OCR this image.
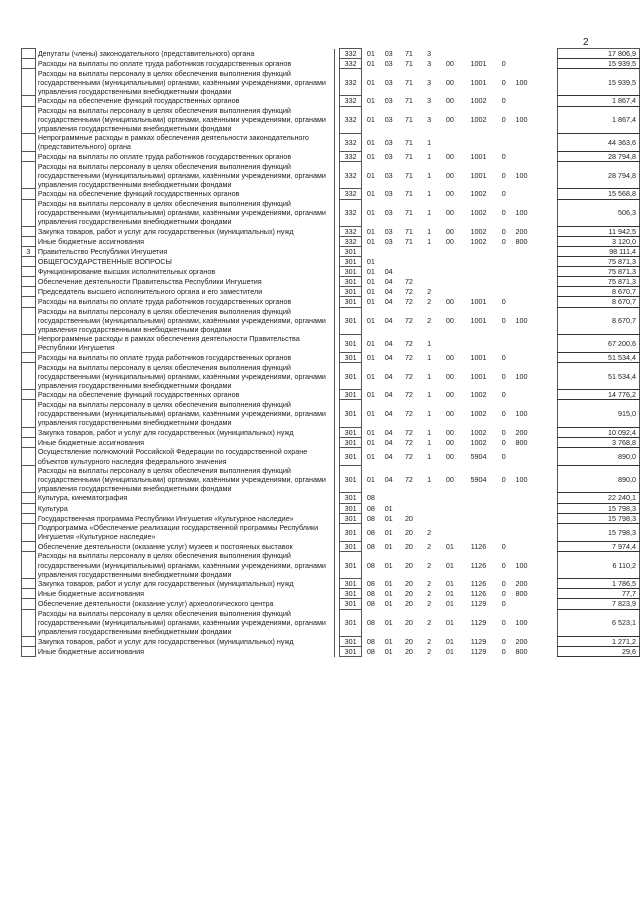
2
	Депутаты (члены) законодательного (представительного) органа		332	01	03	71	3						17 806,9
	Расходы на выплаты по оплате труда работников государственных органов		332	01	03	71	3	00	1001	0			15 939,5
	Расходы на выплаты персоналу в целях обеспечения выполнения функций государственными (муниципальными) органами, казёнными учреждениями, органами управления государственными внебюджетными фондами		332	01	03	71	3	00	1001	0	100		15 939,5
	Расходы на обеспечение функций государственных органов		332	01	03	71	3	00	1002	0			1 867,4
	Расходы на выплаты персоналу в целях обеспечения выполнения функций государственными (муниципальными) органами, казёнными учреждениями, органами управления государственными внебюджетными фондами		332	01	03	71	3	00	1002	0	100		1 867,4
	Непрограммные расходы в рамках обеспечения деятельности законодательного (представительного) органа		332	01	03	71	1						44 363,6
	Расходы на выплаты по оплате труда работников государственных органов		332	01	03	71	1	00	1001	0			28 794,8
	Расходы на выплаты персоналу в целях обеспечения выполнения функций государственными (муниципальными) органами, казёнными учреждениями, органами управления государственными внебюджетными фондами		332	01	03	71	1	00	1001	0	100		28 794,8
	Расходы на обеспечение функций государственных органов		332	01	03	71	1	00	1002	0			15 568,8
	Расходы на выплаты персоналу в целях обеспечения выполнения функций государственными (муниципальными) органами, казёнными учреждениями, органами управления государственными внебюджетными фондами		332	01	03	71	1	00	1002	0	100		506,3
	Закупка товаров, работ и услуг для государственных (муниципальных) нужд		332	01	03	71	1	00	1002	0	200		11 942,5
	Иные бюджетные ассигнования		332	01	03	71	1	00	1002	0	800		3 120,0
3	Правительство Республики Ингушетия		301										98 111,4
	ОБЩЕГОСУДАРСТВЕННЫЕ ВОПРОСЫ		301	01									75 871,3
	Функционирование высших исполнительных органов		301	01	04								75 871,3
	Обеспечение деятельности Правительства Республики Ингушетия		301	01	04	72							75 871,3
	Председатель высшего исполнительного органа и его заместители		301	01	04	72	2						8 670,7
	Расходы на выплаты по оплате труда работников государственных органов		301	01	04	72	2	00	1001	0			8 670,7
	Расходы на выплаты персоналу в целях обеспечения выполнения функций государственными (муниципальными) органами, казёнными учреждениями, органами управления государственными внебюджетными фондами		301	01	04	72	2	00	1001	0	100		8 670,7
	Непрограммные расходы в рамках обеспечения деятельности Правительства Республики Ингушетия		301	01	04	72	1						67 200,6
	Расходы на выплаты по оплате труда работников государственных органов		301	01	04	72	1	00	1001	0			51 534,4
	Расходы на выплаты персоналу в целях обеспечения выполнения функций государственными (муниципальными) органами, казёнными учреждениями, органами управления государственными внебюджетными фондами		301	01	04	72	1	00	1001	0	100		51 534,4
	Расходы на обеспечение функций государственных органов		301	01	04	72	1	00	1002	0			14 776,2
	Расходы на выплаты персоналу в целях обеспечения выполнения функций государственными (муниципальными) органами, казёнными учреждениями, органами управления государственными внебюджетными фондами		301	01	04	72	1	00	1002	0	100		915,0
	Закупка товаров, работ и услуг для государственных (муниципальных) нужд		301	01	04	72	1	00	1002	0	200		10 092,4
	Иные бюджетные ассигнования		301	01	04	72	1	00	1002	0	800		3 768,8
	Осуществление полномочий Российской Федерации по государственной охране объектов культурного наследия федерального значения		301	01	04	72	1	00	5904	0			890,0
	Расходы на выплаты персоналу в целях обеспечения выполнения функций государственными (муниципальными) органами, казёнными учреждениями, органами управления государственными внебюджетными фондами		301	01	04	72	1	00	5904	0	100		890,0
	Культура, кинематография		301	08									22 240,1
	Культура		301	08	01								15 798,3
	Государственная программа Республики Ингушетия «Культурное наследие»		301	08	01	20							15 798,3
	Подпрограмма «Обеспечение реализации государственной программы Республики Ингушетия «Культурное наследие»		301	08	01	20	2						15 798,3
	Обеспечение деятельности (оказание услуг) музеев и постоянных выставок		301	08	01	20	2	01	1126	0			7 974,4
	Расходы на выплаты персоналу в целях обеспечения выполнения функций государственными (муниципальными) органами, казёнными учреждениями, органами управления государственными внебюджетными фондами		301	08	01	20	2	01	1126	0	100		6 110,2
	Закупка товаров, работ и услуг для государственных (муниципальных) нужд		301	08	01	20	2	01	1126	0	200		1 786,5
	Иные бюджетные ассигнования		301	08	01	20	2	01	1126	0	800		77,7
	Обеспечение деятельности (оказание услуг) археологического центра		301	08	01	20	2	01	1129	0			7 823,9
	Расходы на выплаты персоналу в целях обеспечения выполнения функций государственными (муниципальными) органами, казёнными учреждениями, органами управления государственными внебюджетными фондами		301	08	01	20	2	01	1129	0	100		6 523,1
	Закупка товаров, работ и услуг для государственных (муниципальных) нужд		301	08	01	20	2	01	1129	0	200		1 271,2
	Иные бюджетные ассигнования		301	08	01	20	2	01	1129	0	800		29,6
